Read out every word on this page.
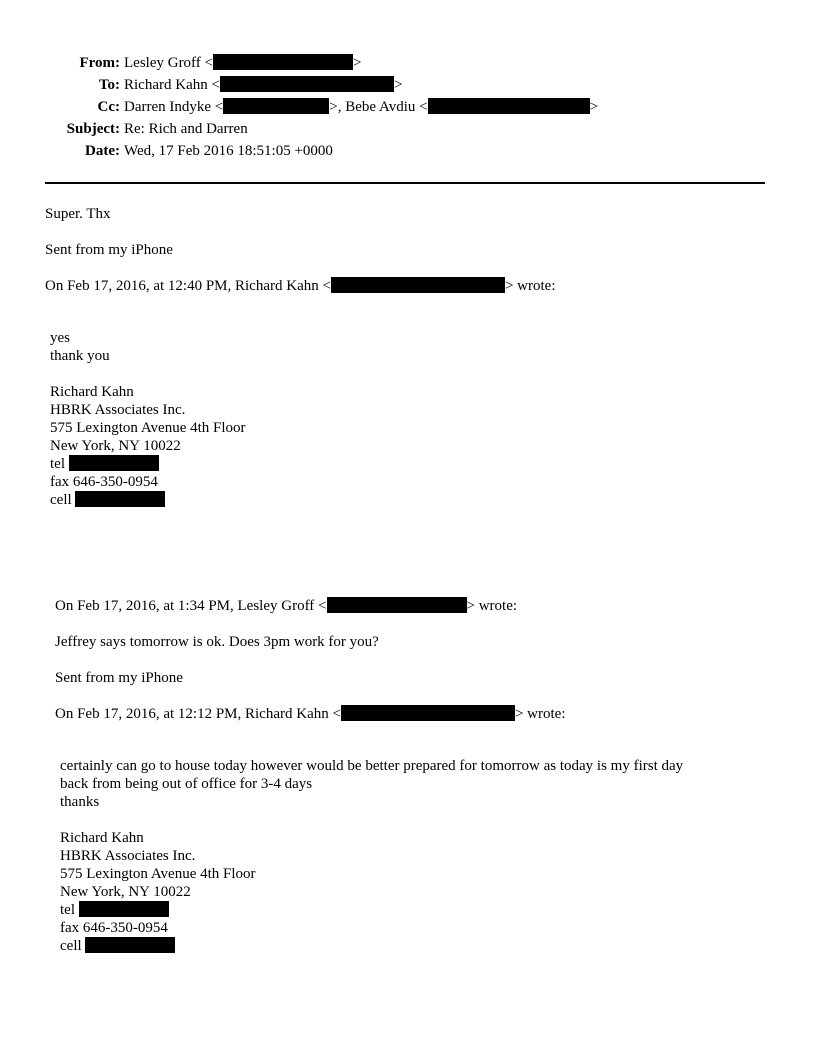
From: Lesley Groff <	>
To: Richard Kahn <	>
Cc: Darren Indyke <	>, Bebe Avdiu <	>
Subject: Re: Rich and Darren
Date: Wed, 17 Feb 2016 18:51:05 +0000
Super. Thx
Sent from my iPhone
On Feb 17, 2016, at 12:40 PM, Richard Kahn <	> wrote:
yes
thank you
Richard Kahn
HBRK Associates Inc.
575 Lexington Avenue 4th Floor
New York, NY 10022
tel
fax 646-350-0954
cell
On Feb 17, 2016, at 1:34 PM, Lesley Groff <	> wrote:
Jeffrey says tomorrow is ok. Does 3pm work for you?
Sent from my iPhone
On Feb 17, 2016, at 12:12 PM, Richard Kahn <	> wrote:
certainly can go to house today however would be better prepared for tomorrow as today is my first day
back from being out of office for 3-4 days
thanks
Richard Kahn
HBRK Associates Inc.
575 Lexington Avenue 4th Floor
New York, NY 10022
tel
fax 646-350-0954
cell
